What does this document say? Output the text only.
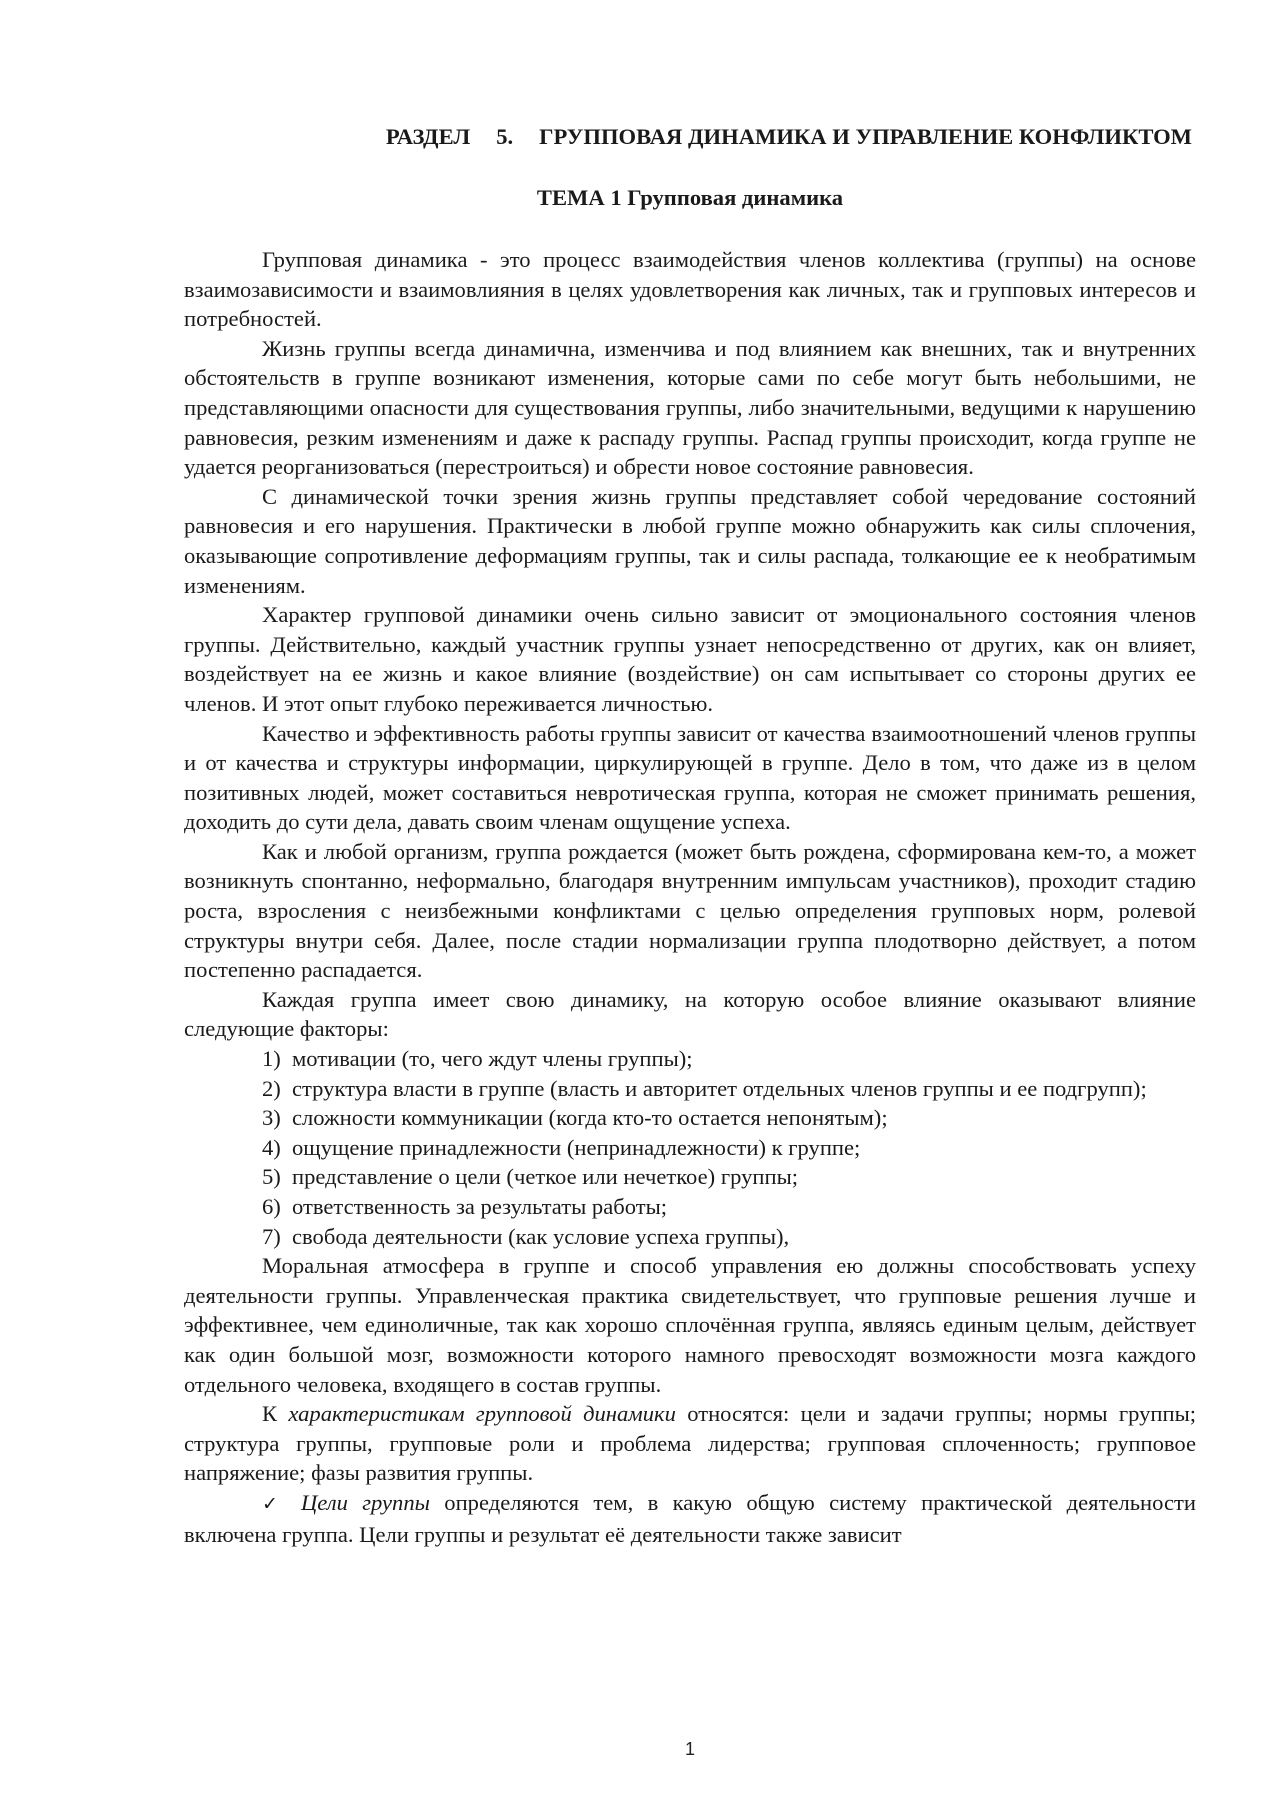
РАЗДЕЛ 5. ГРУППОВАЯ ДИНАМИКА И УПРАВЛЕНИЕ КОНФЛИКТОМ

ТЕМА 1 Групповая динамика

Групповая динамика - это процесс взаимодействия членов коллектива (группы) на основе взаимозависимости и взаимовлияния в целях удовлетворения как личных, так и групповых интересов и потребностей.

Жизнь группы всегда динамична, изменчива и под влиянием как внешних, так и внутренних обстоятельств в группе возникают изменения, которые сами по себе могут быть небольшими, не представляющими опасности для существования группы, либо значительными, ведущими к нарушению равновесия, резким изменениям и даже к распаду группы. Распад группы происходит, когда группе не удается реорганизоваться (перестроиться) и обрести новое состояние равновесия.

С динамической точки зрения жизнь группы представляет собой чередование состояний равновесия и его нарушения. Практически в любой группе можно обнаружить как силы сплочения, оказывающие сопротивление деформациям группы, так и силы распада, толкающие ее к необратимым изменениям.

Характер групповой динамики очень сильно зависит от эмоционального состояния членов группы. Действительно, каждый участник группы узнает непосредственно от других, как он влияет, воздействует на ее жизнь и какое влияние (воздействие) он сам испытывает со стороны других ее членов. И этот опыт глубоко переживается личностью.

Качество и эффективность работы группы зависит от качества взаимоотношений членов группы и от качества и структуры информации, циркулирующей в группе. Дело в том, что даже из в целом позитивных людей, может составиться невротическая группа, которая не сможет принимать решения, доходить до сути дела, давать своим членам ощущение успеха.

Как и любой организм, группа рождается (может быть рождена, сформирована кем-то, а может возникнуть спонтанно, неформально, благодаря внутренним импульсам участников), проходит стадию роста, взросления с неизбежными конфликтами с целью определения групповых норм, ролевой структуры внутри себя. Далее, после стадии нормализации группа плодотворно действует, а потом постепенно распадается.

Каждая группа имеет свою динамику, на которую особое влияние оказывают влияние следующие факторы:

1) мотивации (то, чего ждут члены группы);

2) структура власти в группе (власть и авторитет отдельных членов группы и ее подгрупп);

3) сложности коммуникации (когда кто-то остается непонятым);

4) ощущение принадлежности (непринадлежности) к группе;

5) представление о цели (четкое или нечеткое) группы;

6) ответственность за результаты работы;

7) свобода деятельности (как условие успеха группы),

Моральная атмосфера в группе и способ управления ею должны способствовать успеху деятельности группы. Управленческая практика свидетельствует, что групповые решения лучше и эффективнее, чем единоличные, так как хорошо сплочённая группа, являясь единым целым, действует как один большой мозг, возможности которого намного превосходят возможности мозга каждого отдельного человека, входящего в состав группы.

К характеристикам групповой динамики относятся: цели и задачи группы; нормы группы; структура группы, групповые роли и проблема лидерства; групповая сплоченность; групповое напряжение; фазы развития группы.

✓ Цели группы определяются тем, в какую общую систему практической деятельности включена группа. Цели группы и результат её деятельности также зависит

1
